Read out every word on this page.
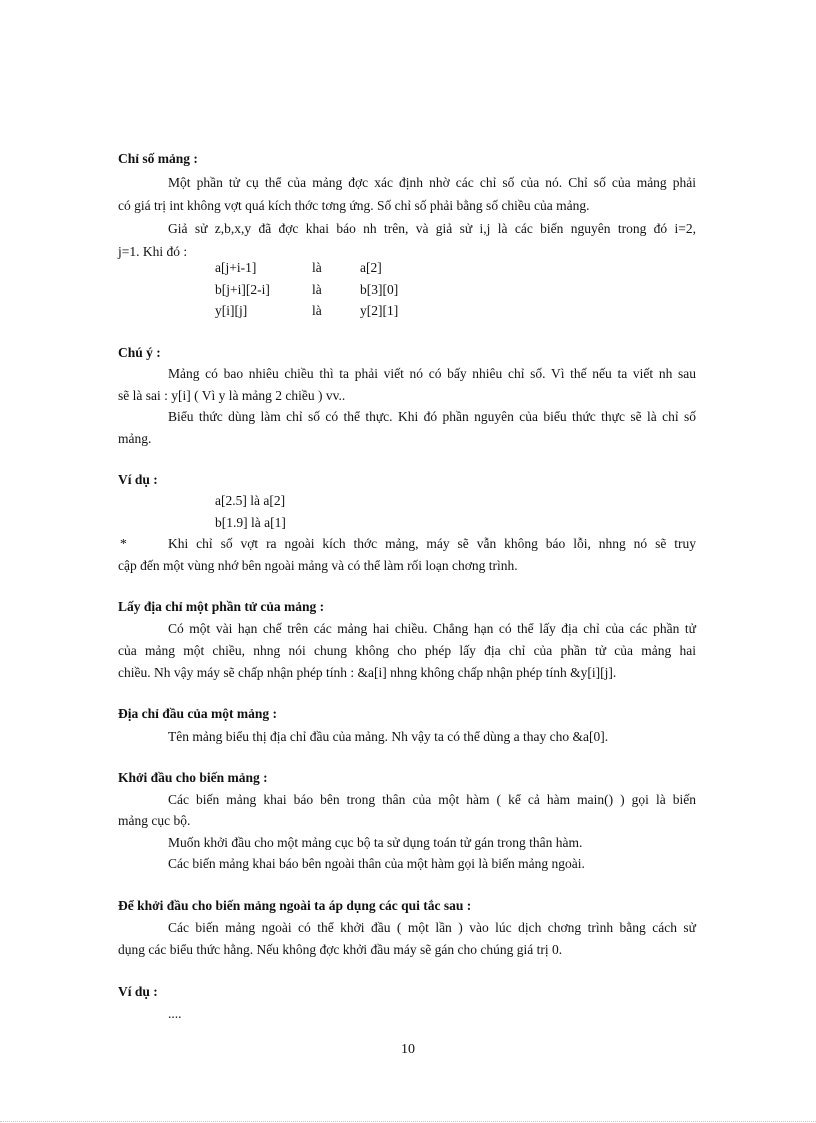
Chỉ số mảng :
Một phần tử cụ thể của mảng đợc xác định nhờ các chỉ số của nó. Chỉ số của mảng phải
có giá trị int không vợt quá kích thớc tơng ứng. Số chỉ số phải bằng số chiều của mảng.
Giả sử z,b,x,y đã đợc khai báo nh trên, và giả sử i,j là các biến nguyên trong đó i=2,
j=1. Khi đó :
a[j+i-1]	là	a[2]
b[j+i][2-i]	là	b[3][0]
y[i][j]	là	y[2][1]
Chú ý :
Mảng có bao nhiêu chiều thì ta phải viết nó có bấy nhiêu chỉ số. Vì thế nếu ta viết nh sau
sẽ là sai : y[i] ( Vì y là mảng 2 chiều ) vv..
Biểu thức dùng làm chỉ số có thể thực. Khi đó phần nguyên của biểu thức thực sẽ là chỉ số
mảng.
Ví dụ :
a[2.5] là a[2]
b[1.9] là a[1]
*	Khi chỉ số vợt ra ngoài kích thớc mảng, máy sẽ vẫn không báo lỗi, nhng nó sẽ truy
cập đến một vùng nhớ bên ngoài mảng và có thể làm rối loạn chơng trình.
Lấy địa chỉ một phần tử của mảng :
Có một vài hạn chế trên các mảng hai chiều. Chẳng hạn có thể lấy địa chỉ của các phần tử
của mảng một chiều, nhng nói chung không cho phép lấy địa chỉ của phần tử của mảng hai
chiều. Nh vậy máy sẽ chấp nhận phép tính : &a[i] nhng không chấp nhận phép tính &y[i][j].
Địa chỉ đầu của một mảng :
Tên mảng biểu thị địa chỉ đầu của mảng. Nh vậy ta có thể dùng a thay cho &a[0].
Khởi đầu cho biến mảng :
Các biến mảng khai báo bên trong thân của một hàm ( kể cả hàm main() ) gọi là biến
mảng cục bộ.
Muốn khởi đầu cho một mảng cục bộ ta sử dụng toán tử gán trong thân hàm.
Các biến mảng khai báo bên ngoài thân của một hàm gọi là biến mảng ngoài.
Để khởi đầu cho biến mảng ngoài ta áp dụng các qui tắc sau :
Các biến mảng ngoài có thể khởi đầu ( một lần ) vào lúc dịch chơng trình bằng cách sử
dụng các biểu thức hằng. Nếu không đợc khởi đầu máy sẽ gán cho chúng giá trị 0.
Ví dụ :
....
10
